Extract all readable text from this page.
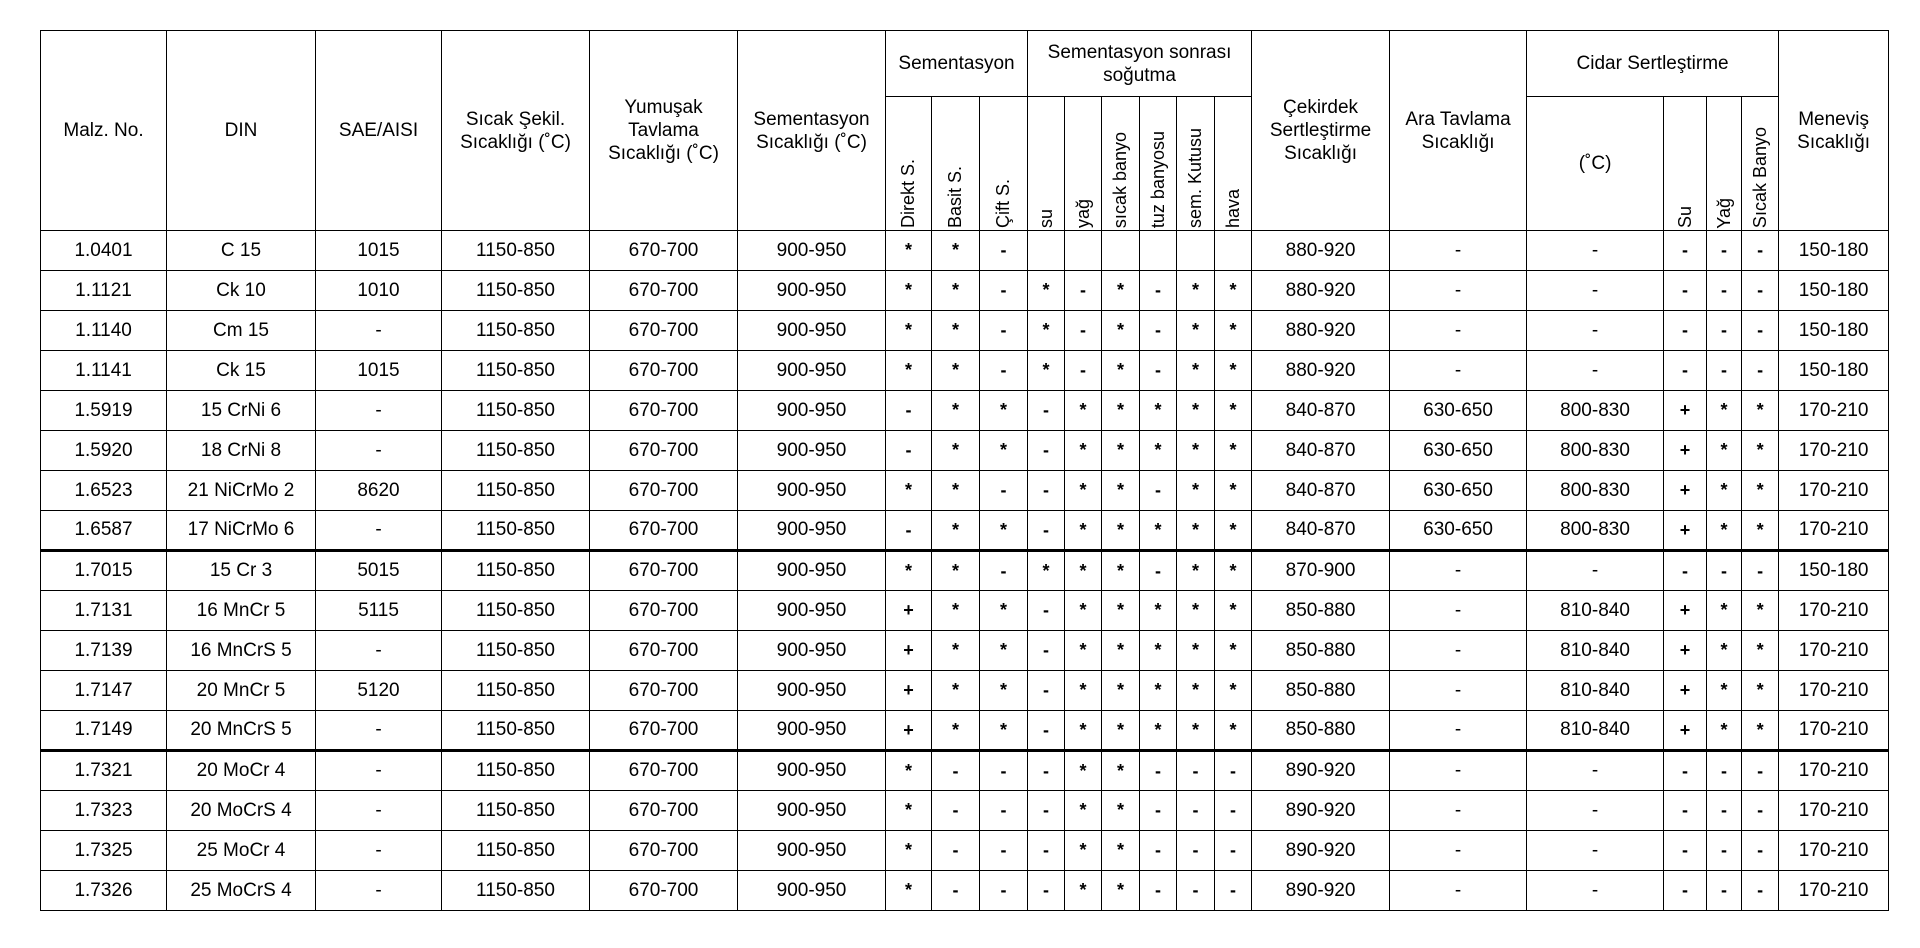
Malz. No.	DIN	SAE/AISI	Sıcak Şekil. Sıcaklığı (˚C)	Yumuşak Tavlama Sıcaklığı (˚C)	Sementasyon Sıcaklığı (˚C)	Sementasyon			Sementasyon sonrası soğutma						Çekirdek Sertleştirme Sıcaklığı	Ara Tavlama Sıcaklığı	Cidar Sertleştirme				Meneviş Sıcaklığı

						Direkt S.	Basit S.	Çift S.	su	yağ	sıcak banyo	tuz banyosu	sem. Kutusu	hava			(˚C)	Su	Yağ	Sıcak Banyo	

1.0401	C 15	1015	1150-850	670-700	900-950	*	*	-							880-920	-	-	-	-	-	150-180
1.1121	Ck 10	1010	1150-850	670-700	900-950	*	*	-	*	-	*	-	*	*	880-920	-	-	-	-	-	150-180
1.1140	Cm 15	-	1150-850	670-700	900-950	*	*	-	*	-	*	-	*	*	880-920	-	-	-	-	-	150-180
1.1141	Ck 15	1015	1150-850	670-700	900-950	*	*	-	*	-	*	-	*	*	880-920	-	-	-	-	-	150-180
1.5919	15 CrNi 6	-	1150-850	670-700	900-950	-	*	*	-	*	*	*	*	*	840-870	630-650	800-830	+	*	*	170-210
1.5920	18 CrNi 8	-	1150-850	670-700	900-950	-	*	*	-	*	*	*	*	*	840-870	630-650	800-830	+	*	*	170-210
1.6523	21 NiCrMo 2	8620	1150-850	670-700	900-950	*	*	-	-	*	*	-	*	*	840-870	630-650	800-830	+	*	*	170-210
1.6587	17 NiCrMo 6	-	1150-850	670-700	900-950	-	*	*	-	*	*	*	*	*	840-870	630-650	800-830	+	*	*	170-210
1.7015	15 Cr 3	5015	1150-850	670-700	900-950	*	*	-	*	*	*	-	*	*	870-900	-	-	-	-	-	150-180
1.7131	16 MnCr 5	5115	1150-850	670-700	900-950	+	*	*	-	*	*	*	*	*	850-880	-	810-840	+	*	*	170-210
1.7139	16 MnCrS 5	-	1150-850	670-700	900-950	+	*	*	-	*	*	*	*	*	850-880	-	810-840	+	*	*	170-210
1.7147	20 MnCr 5	5120	1150-850	670-700	900-950	+	*	*	-	*	*	*	*	*	850-880	-	810-840	+	*	*	170-210
1.7149	20 MnCrS 5	-	1150-850	670-700	900-950	+	*	*	-	*	*	*	*	*	850-880	-	810-840	+	*	*	170-210
1.7321	20 MoCr 4	-	1150-850	670-700	900-950	*	-	-	-	*	*	-	-	-	890-920	-	-	-	-	-	170-210
1.7323	20 MoCrS 4	-	1150-850	670-700	900-950	*	-	-	-	*	*	-	-	-	890-920	-	-	-	-	-	170-210
1.7325	25 MoCr 4	-	1150-850	670-700	900-950	*	-	-	-	*	*	-	-	-	890-920	-	-	-	-	-	170-210
1.7326	25 MoCrS 4	-	1150-850	670-700	900-950	*	-	-	-	*	*	-	-	-	890-920	-	-	-	-	-	170-210
